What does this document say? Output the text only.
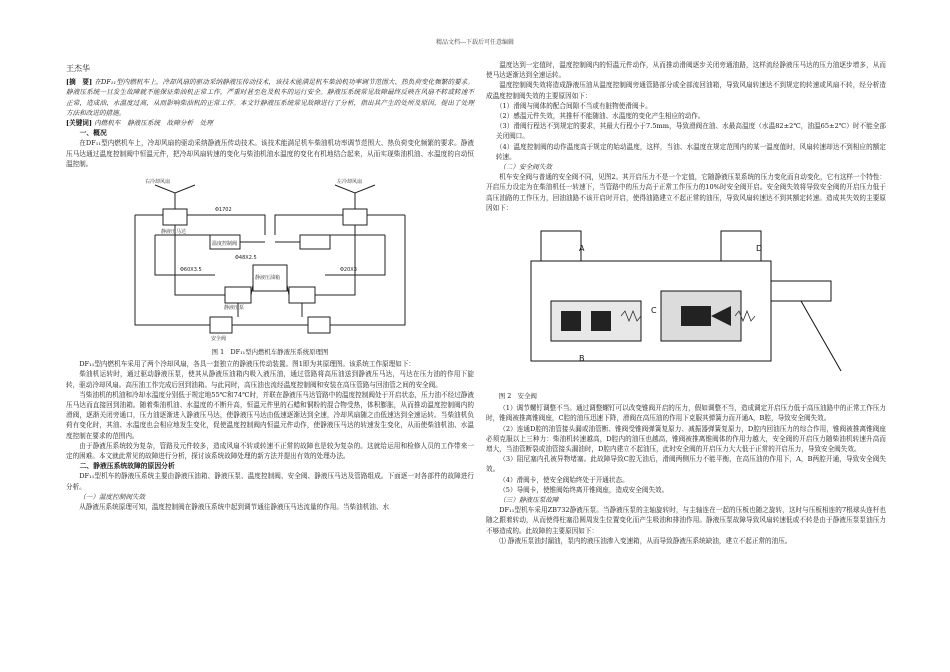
精品文档---下载后可任意编辑
王杰华

[摘　要] 在DF₁₁型内燃机车上，冷却风扇的驱动采纳静液压传动技术，该技术能满足机车柴油机功率调节范围大、热负荷变化频繁的要求。静液压系统一旦发生故障就不能保证柴油机正常工作，严重时甚至危及机车的运行安全。静液压系统常见故障最终反映在风扇不转或转速不正常，造成油、水温度过高，从而影响柴油机的正常工作。本文针静液压系统常见故障进行了分析，指出其产生的处所及原因，提出了处理方法和改进的措施。

[关键词] 内燃机车　静液压系统　故障分析　处理

一、概况

在DF₁₁型内燃机车上，冷却风扇的驱动采纳静液压传动技术。该技术能满足机车柴油机功率调节范围大、热负荷变化频繁的要求。静液压马达通过温度控制阀中恒温元件，把冷却风扇转速的变化与柴油机油水温度的变化有机地结合起来，从而实现柴油机油、水温度的自动恒温控制。

右冷却风扇	左冷却风扇
静液压马达
静液压油箱
静液压泵
温度控制阀
安全阀
Φ1702
Φ48X2.5
Φ60X3.5	Φ20X3
图 1　DF₁₁型内燃机车静液压系统原理图

DF₁₁型内燃机车采用了两个冷却风扇，各具一套独立的静液压传动装置。图1即为其原理图。该系统工作原理如下：

柴油机运转时，通过驱动静液压泵，使其从静液压油箱内吸入液压油，通过管路将高压油送到静液压马达，马达在压力油的作用下旋转，驱动冷却风扇。高压油工作完成后回到油箱。与此同时，高压油也流经温度控制阀和安装在高压管路与回油管之间的安全阀。

当柴油机的机油和冷却水温度分别低于规定地55℃和74℃时，并联在静液压马达管路中的温度控制阀处于开启状态，压力油不经过静液压马达而直接回到油箱。随着柴油机油、水温度的不断升高，恒温元件里的石蜡和铜粉的混合物受热，体积膨胀，从而推动温度控制阀内的滑阀，逐渐关闭旁通口，压力油逐渐进入静液压马达，使静液压马达由低速逐渐达到全速，冷却风扇随之由低速达到全速运转。当柴油机负荷有变化时，其油、水温度也会相应地发生变化，促使温度控制阀内恒温元件动作，使静液压马达的转速发生变化，从而使柴油机油、水温度控制在要求的范围内。

由于静液压系统较为复杂，管路及元件较多，造成风扇不转或转速不正常的故障也是较为复杂的。这就给运用和检修人员的工作带来一定的困难。本文就此常见的故障进行分析，探讨该系统故障处理的新方法并提出有效的处理办法。

二、静液压系统故障的原因分析

DF₁₁型机车的静液压系统主要由静液压油箱、静液压泵、温度控制阀、安全阀、静液压马达及管路组成。下面逐一对各部件的故障进行分析。

（一）温度控制阀失效

从静液压系统原理可知，温度控制阀在静液压系统中起到调节通往静液压马达流量的作用。当柴油机油、水

温度达到一定值时，温度控制阀内的恒温元件动作，从而推动滑阀逐步关闭旁通油路，这样流经静液压马达的压力油逐步增多，从而使马达逐渐达到全速运转。

温度控制阀失效将造成静液压油从温度控制阀旁通管路部分或全部流回油箱，导致风扇转速达不到规定的转速或风扇不转，经分析造成温度控制阀失效的主要原因如下：

（1）滑阀与阀体的配合间隙不当或有脏物使滑阀卡。

（2）感温元件失效，其推杆不能随油、水温度的变化产生相应的动作。

（3）滑阀行程达不到规定的要求，其最大行程小于7.5mm，导致滑阀在油、水最高温度（水温82±2℃，油温65±2℃）时不能全部关闭阀口。

（4）温度控制阀的动作温度高于规定的始动温度，这样，当油、水温度在规定范围内的某一温度值时，风扇转速却达不到相应的额定转速。

（二）安全阀失效

机车安全阀与普通的安全阀不同，见图2。其开启压力不是一个定值，它随静液压泵系统的压力变化而自动变化，它有这样一个特性：开启压力设定为在柴油机任一转速下，当管路中的压力高于正常工作压力的10%时安全阀开启。安全阀失效将导致安全阀的开启压力低于高压油路的工作压力，回油油路不该开启时开启，使得油路建立不起正常的油压，导致风扇转速达不到其额定转速。造成其失效的主要原因如下：

A
B
C
D
图 2　安全阀

（1）调节螺钉调整不当。通过调整螺钉可以改变锥阀开启的压力，假如调整不当，造成调定开启压力低于高压油路中的正常工作压力时，锥阀被推离锥阀座，C腔的油压迅速下降，滑阀在高压油的作用下克服其弹簧力而开通A，B腔，导致安全阀失效。

（2）连通D腔的油管接头漏或油管断、锥阀受锥阀弹簧复原力、减振器弹簧复原力，D腔内回油压力的综合作用，锥阀被推离锥阀座必须克服以上三种力：柴油机转速越高，D腔内的油压也越高，锥阀被推离锥阀体的作用力越大，安全阀的开启压力随柴油机转速升高而增大，当油管断裂或油管接头漏油时，D腔内建立不起油压，此时安全阀的开启压力大大低于正常的开启压力，导致安全阀失效。

（3）阻尼塞内孔被异物堵塞。此故障导致C腔无油后，滑阀两侧压力不能平衡，在高压油的作用下，A，B两腔开通，导致安全阀失效。

（4）滑阀卡，使安全阀始终处于开通状态。

（5）导阀卡，使锥阀始终离开锥阀座，造成安全阀失效。

（三）静液压泵故障

DF₁₁型机车采用ZB732静液压泵。当静液压泵的主轴旋转时，与主轴连在一起的压板也随之旋转，这时与压板相连的7根球头连杆也随之跟着转动，从而使得柱塞沿圆周发生位置变化而产生吸油和排油作用。静液压泵故障导致风扇转速低或不转是由于静液压泵泵油压力不够造成的。此故障的主要原因如下：

⑴ 静液压泵油封漏油，泵内的液压油渗入变速箱，从而导致静液压系统缺油，建立不起正常的油压。
